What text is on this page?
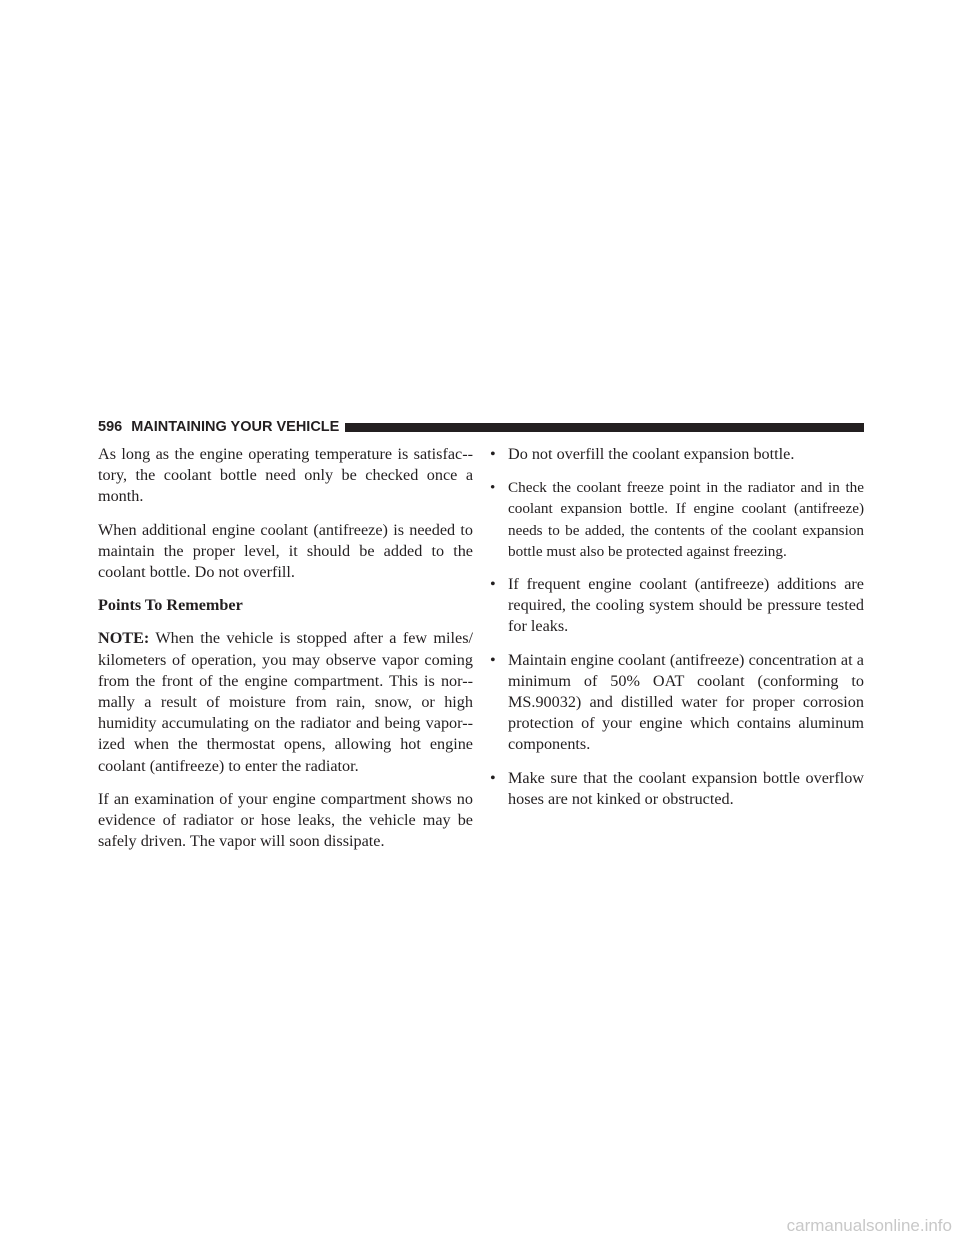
596 MAINTAINING YOUR VEHICLE

As long as the engine operating temperature is satisfac-tory, the coolant bottle need only be checked once a month.

When additional engine coolant (antifreeze) is needed to maintain the proper level, it should be added to the coolant bottle. Do not overfill.

Points To Remember

NOTE: When the vehicle is stopped after a few miles/ kilometers of operation, you may observe vapor coming from the front of the engine compartment. This is nor-mally a result of moisture from rain, snow, or high humidity accumulating on the radiator and being vapor-ized when the thermostat opens, allowing hot engine coolant (antifreeze) to enter the radiator.

If an examination of your engine compartment shows no evidence of radiator or hose leaks, the vehicle may be safely driven. The vapor will soon dissipate.

• Do not overfill the coolant expansion bottle.
• Check the coolant freeze point in the radiator and in the coolant expansion bottle. If engine coolant (antifreeze) needs to be added, the contents of the coolant expansion bottle must also be protected against freezing.
• If frequent engine coolant (antifreeze) additions are required, the cooling system should be pressure tested for leaks.
• Maintain engine coolant (antifreeze) concentration at a minimum of 50% OAT coolant (conforming to MS.90032) and distilled water for proper corrosion protection of your engine which contains aluminum components.
• Make sure that the coolant expansion bottle overflow hoses are not kinked or obstructed.
carmanualsonline.info
